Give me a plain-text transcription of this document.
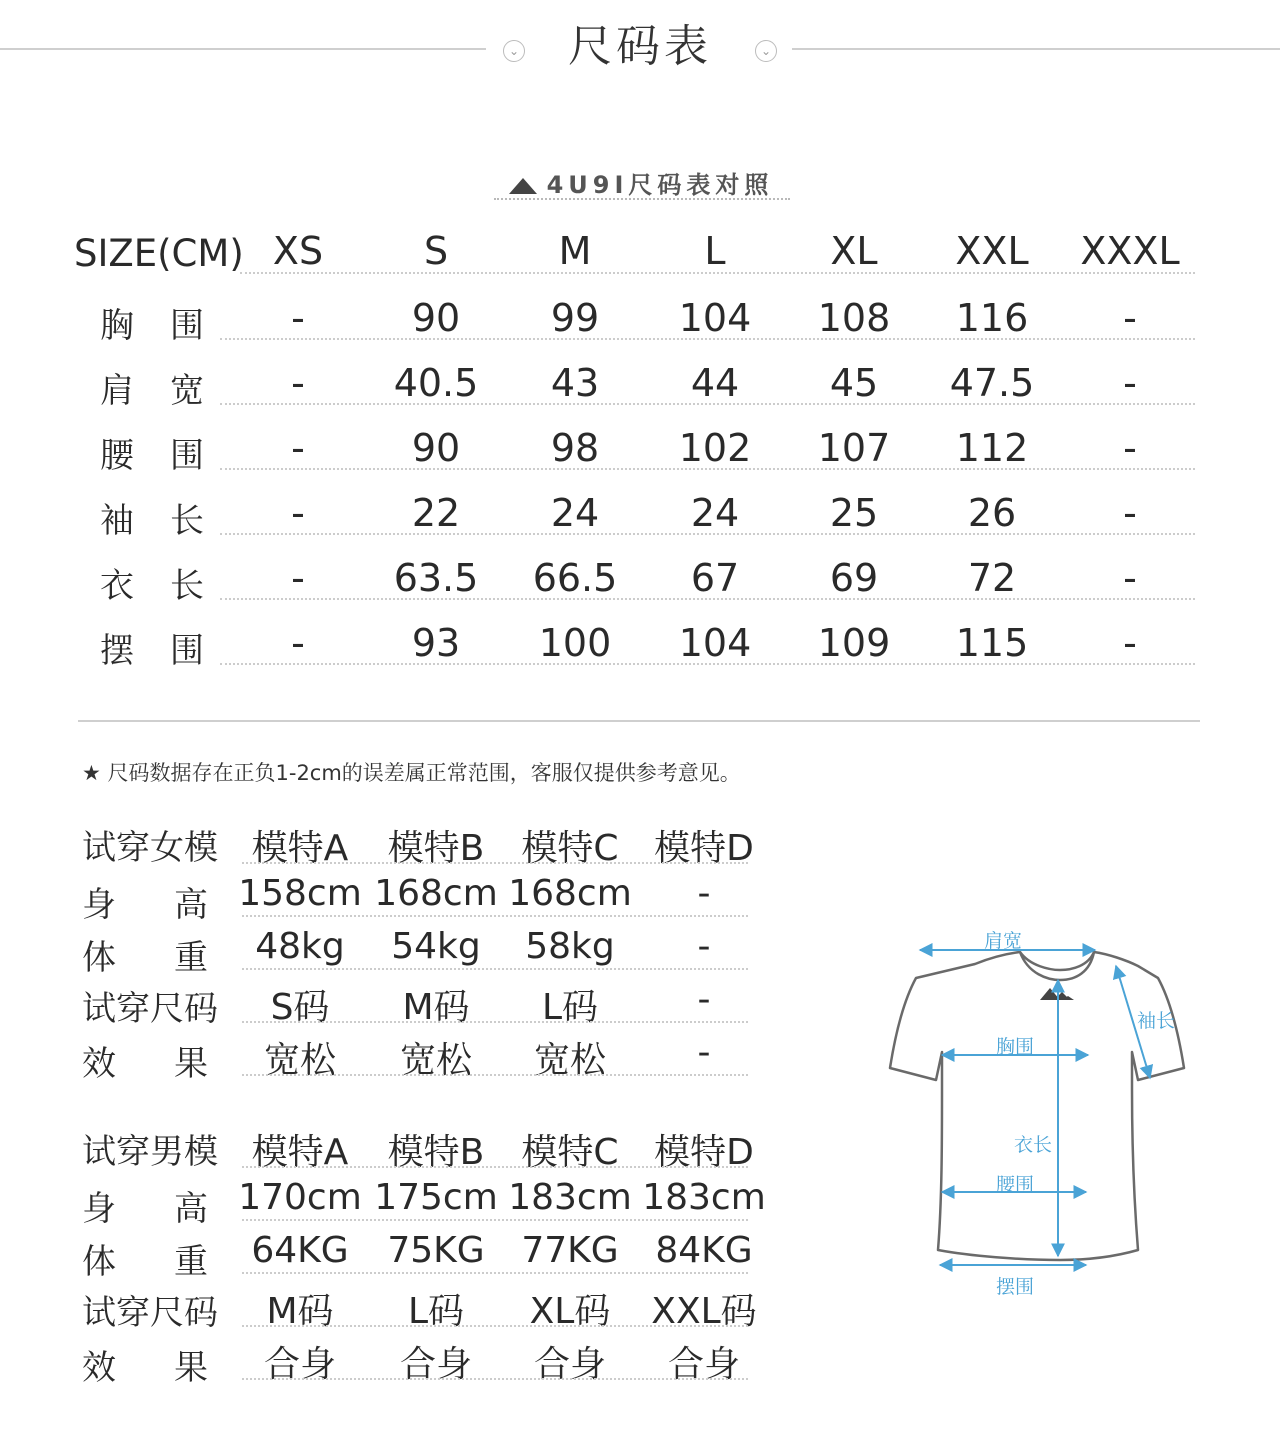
⌄	⌄
尺码表
4U9I尺码表对照
SIZE(CM) XS	S	M	L	XL	XXL	XXXL
胸 围	-	90	99	104	108	116	-
肩 宽	-	40.5	43	44	45	47.5	-
腰 围	-	90	98	102	107	112	-
袖 长	-	22	24	24	25	26	-
衣 长	-	63.5	66.5	67	69	72	-
摆 围	-	93	100	104	109	115	-
★ 尺码数据存在正负1-2cm的误差属正常范围，客服仅提供参考意见。
试穿女模 模特A	模特B	模特C 模特D
身 高 158cm 168cm 168cm	-
体 重	48kg	54kg	58kg	-
试穿尺码	S码	M码	L码	-
效 果	宽松	宽松	宽松	-
试穿男模 模特A	模特B	模特C 模特D
身 高 170cm 175cm 183cm 183cm
体 重	64KG	75KG	77KG	84KG
试穿尺码	M码	L码	XL码	XXL码
效 果	合身	合身	合身	合身
肩宽
袖长
胸围
衣长
腰围
摆围
